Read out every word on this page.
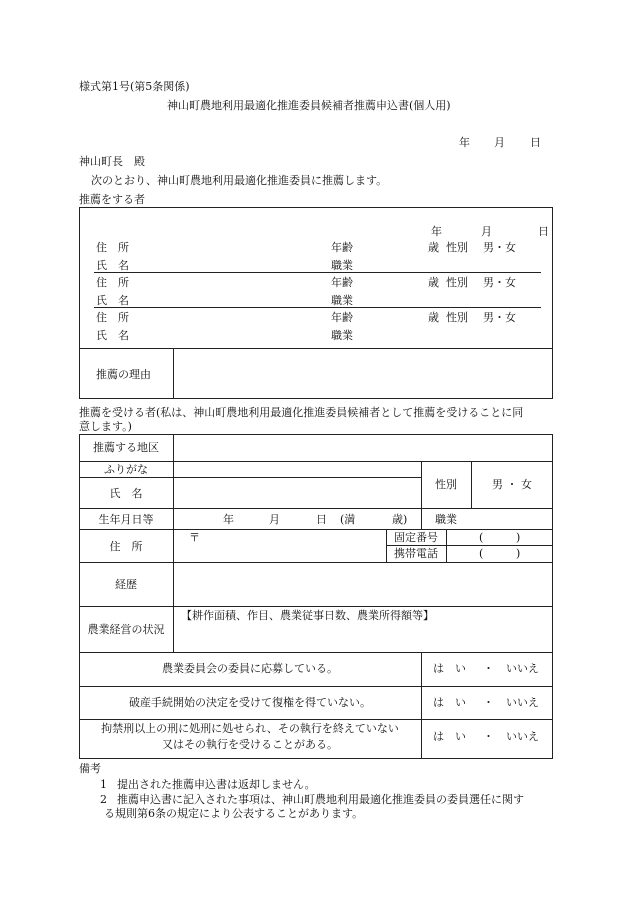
様式第1号(第5条関係)
神山町農地利用最適化推進委員候補者推薦申込書(個人用)
年 月 日
神山町長　殿
次のとおり、神山町農地利用最適化推進委員に推薦します。
推薦をする者
年	月	日
住　所	年齢	歳 性別 男・女
氏　名	職業
住　所	年齢	歳 性別 男・女
氏　名	職業
住　所	年齢	歳 性別 男・女
氏　名	職業
推薦の理由
推薦を受ける者(私は、神山町農地利用最適化推進委員候補者として推薦を受けることに同
意します。)
推薦する地区
ふりがな
氏　名
性別	男 ・ 女
生年月日等	年	月	日 (満	歳)	職業
住　所
〒	固定番号	(	)
携帯電話	(	)
経歴
農業経営の状況
【耕作面積、作目、農業従事日数、農業所得額等】
農業委員会の委員に応募している。	は　い ・ いいえ
破産手続開始の決定を受けて復権を得ていない。	は　い ・ いいえ
拘禁刑以上の刑に処刑に処せられ、その執行を終えていない
又はその執行を受けることがある。
は　い ・ いいえ
備考
1 提出された推薦申込書は返却しません。
2 推薦申込書に記入された事項は、神山町農地利用最適化推進委員の委員選任に関す
る規則第6条の規定により公表することがあります。
